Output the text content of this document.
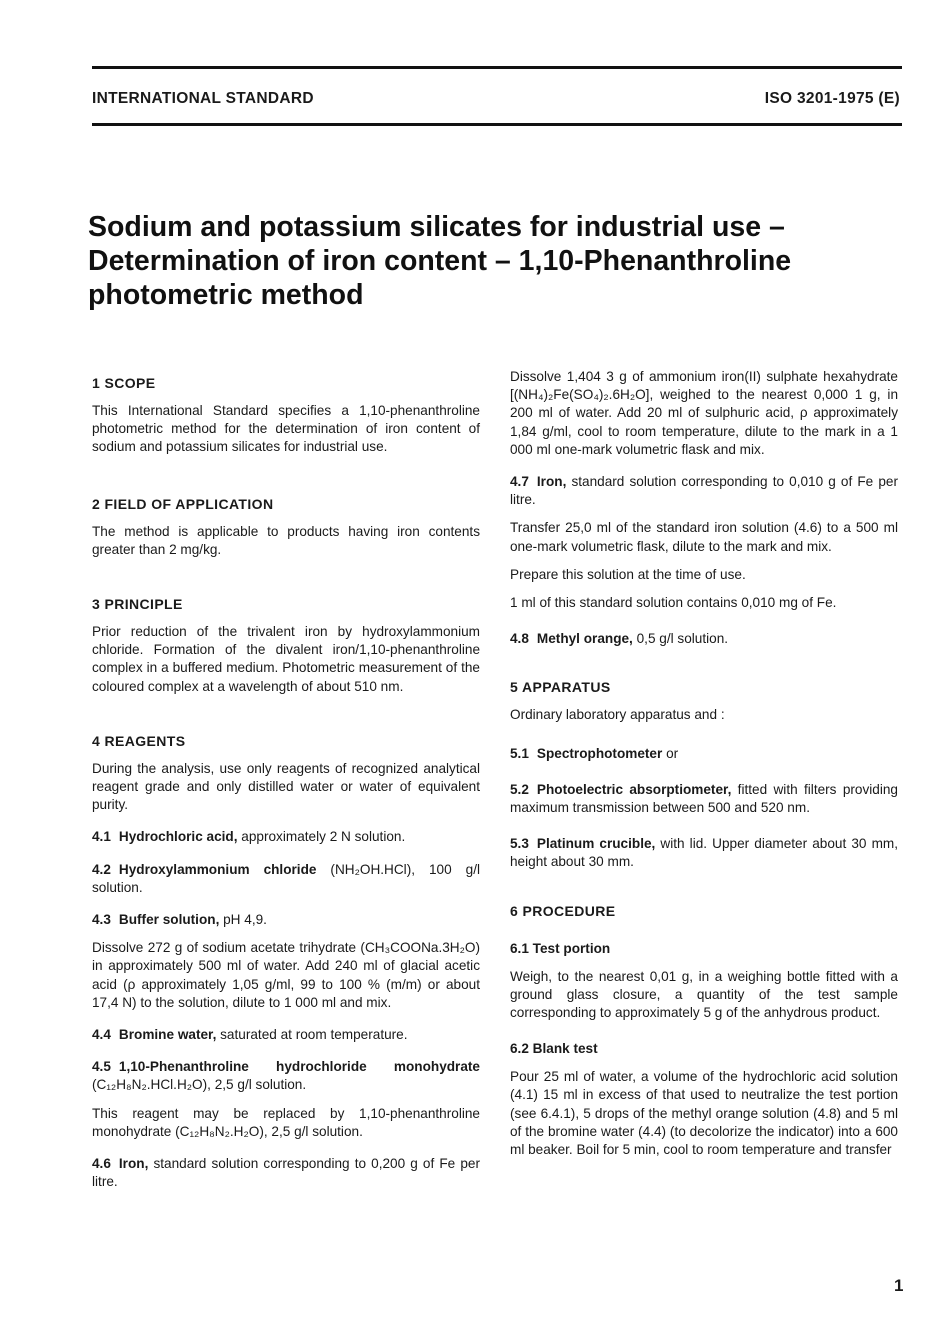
INTERNATIONAL STANDARD	ISO 3201-1975 (E)
Sodium and potassium silicates for industrial use –
Determination of iron content – 1,10-Phenanthroline
photometric method
1 SCOPE

This International Standard specifies a 1,10-phenanthroline photometric method for the determination of iron content of sodium and potassium silicates for industrial use.

2 FIELD OF APPLICATION

The method is applicable to products having iron contents greater than 2 mg/kg.

3 PRINCIPLE

Prior reduction of the trivalent iron by hydroxylammonium chloride. Formation of the divalent iron/1,10-phenanthroline complex in a buffered medium. Photometric measurement of the coloured complex at a wavelength of about 510 nm.

4 REAGENTS

During the analysis, use only reagents of recognized analytical reagent grade and only distilled water or water of equivalent purity.

4.1 Hydrochloric acid, approximately 2 N solution.

4.2 Hydroxylammonium chloride (NH₂OH.HCl), 100 g/l solution.

4.3 Buffer solution, pH 4,9.

Dissolve 272 g of sodium acetate trihydrate (CH₃COONa.3H₂O) in approximately 500 ml of water. Add 240 ml of glacial acetic acid (ρ approximately 1,05 g/ml, 99 to 100 % (m/m) or about 17,4 N) to the solution, dilute to 1 000 ml and mix.

4.4 Bromine water, saturated at room temperature.

4.5 1,10-Phenanthroline hydrochloride monohydrate (C₁₂H₈N₂.HCl.H₂O), 2,5 g/l solution.

This reagent may be replaced by 1,10-phenanthroline monohydrate (C₁₂H₈N₂.H₂O), 2,5 g/l solution.

4.6 Iron, standard solution corresponding to 0,200 g of Fe per litre.

Dissolve 1,404 3 g of ammonium iron(II) sulphate hexahydrate [(NH₄)₂Fe(SO₄)₂.6H₂O], weighed to the nearest 0,000 1 g, in 200 ml of water. Add 20 ml of sulphuric acid, ρ approximately 1,84 g/ml, cool to room temperature, dilute to the mark in a 1 000 ml one-mark volumetric flask and mix.

4.7 Iron, standard solution corresponding to 0,010 g of Fe per litre.

Transfer 25,0 ml of the standard iron solution (4.6) to a 500 ml one-mark volumetric flask, dilute to the mark and mix.

Prepare this solution at the time of use.

1 ml of this standard solution contains 0,010 mg of Fe.

4.8 Methyl orange, 0,5 g/l solution.

5 APPARATUS

Ordinary laboratory apparatus and :

5.1 Spectrophotometer or

5.2 Photoelectric absorptiometer, fitted with filters providing maximum transmission between 500 and 520 nm.

5.3 Platinum crucible, with lid. Upper diameter about 30 mm, height about 30 mm.

6 PROCEDURE
6.1 Test portion

Weigh, to the nearest 0,01 g, in a weighing bottle fitted with a ground glass closure, a quantity of the test sample corresponding to approximately 5 g of the anhydrous product.

6.2 Blank test

Pour 25 ml of water, a volume of the hydrochloric acid solution (4.1) 15 ml in excess of that used to neutralize the test portion (see 6.4.1), 5 drops of the methyl orange solution (4.8) and 5 ml of the bromine water (4.4) (to decolorize the indicator) into a 600 ml beaker. Boil for 5 min, cool to room temperature and transfer

1
